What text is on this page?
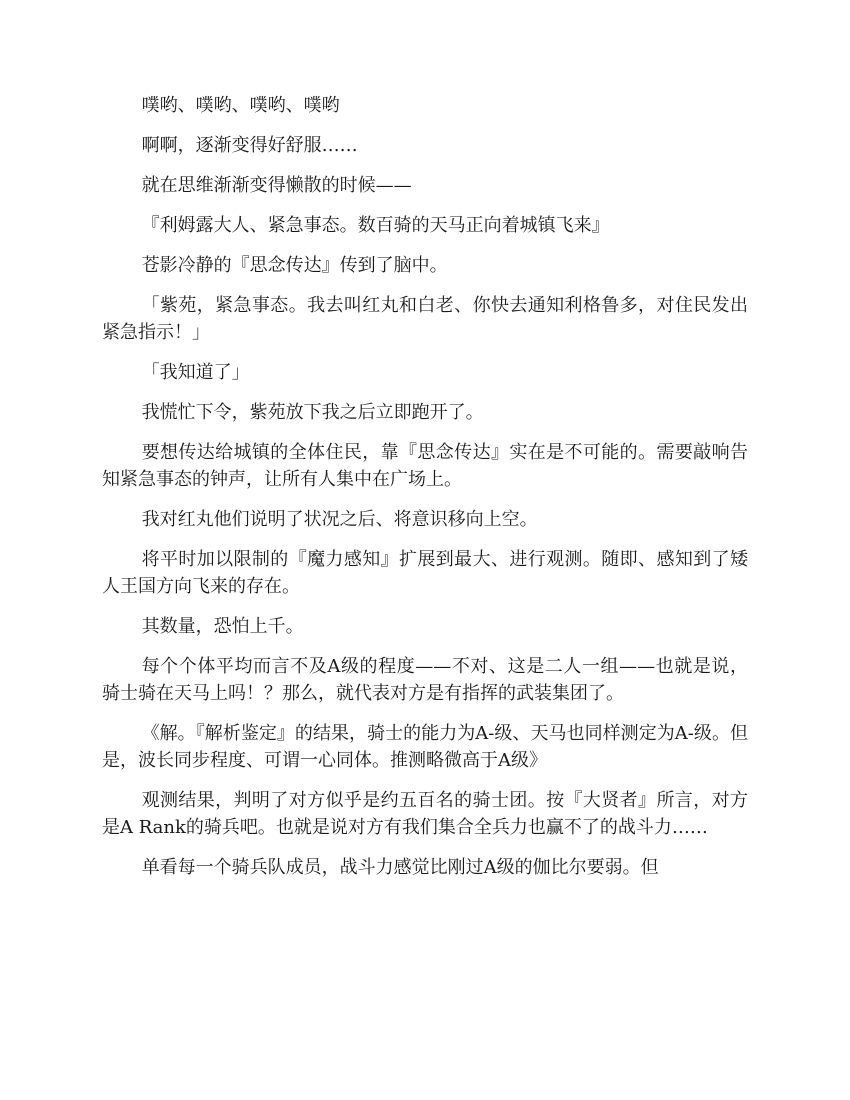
噗哟、噗哟、噗哟、噗哟

啊啊，逐渐变得好舒服……

就在思维渐渐变得懒散的时候——

『利姆露大人、紧急事态。数百骑的天马正向着城镇飞来』

苍影冷静的『思念传达』传到了脑中。

「紫苑，紧急事态。我去叫红丸和白老、你快去通知利格鲁多，对住民发出紧急指示！」

「我知道了」

我慌忙下令，紫苑放下我之后立即跑开了。

要想传达给城镇的全体住民，靠『思念传达』实在是不可能的。需要敲响告知紧急事态的钟声，让所有人集中在广场上。

我对红丸他们说明了状况之后、将意识移向上空。

将平时加以限制的『魔力感知』扩展到最大、进行观测。随即、感知到了矮人王国方向飞来的存在。

其数量，恐怕上千。

每个个体平均而言不及A级的程度——不对、这是二人一组——也就是说，骑士骑在天马上吗！？那么，就代表对方是有指挥的武装集团了。

《解。『解析鉴定』的结果，骑士的能力为A-级、天马也同样测定为A-级。但是，波长同步程度、可谓一心同体。推测略微高于A级》

观测结果，判明了对方似乎是约五百名的骑士团。按『大贤者』所言，对方是A Rank的骑兵吧。也就是说对方有我们集合全兵力也赢不了的战斗力……

单看每一个骑兵队成员，战斗力感觉比刚过A级的伽比尔要弱。但
